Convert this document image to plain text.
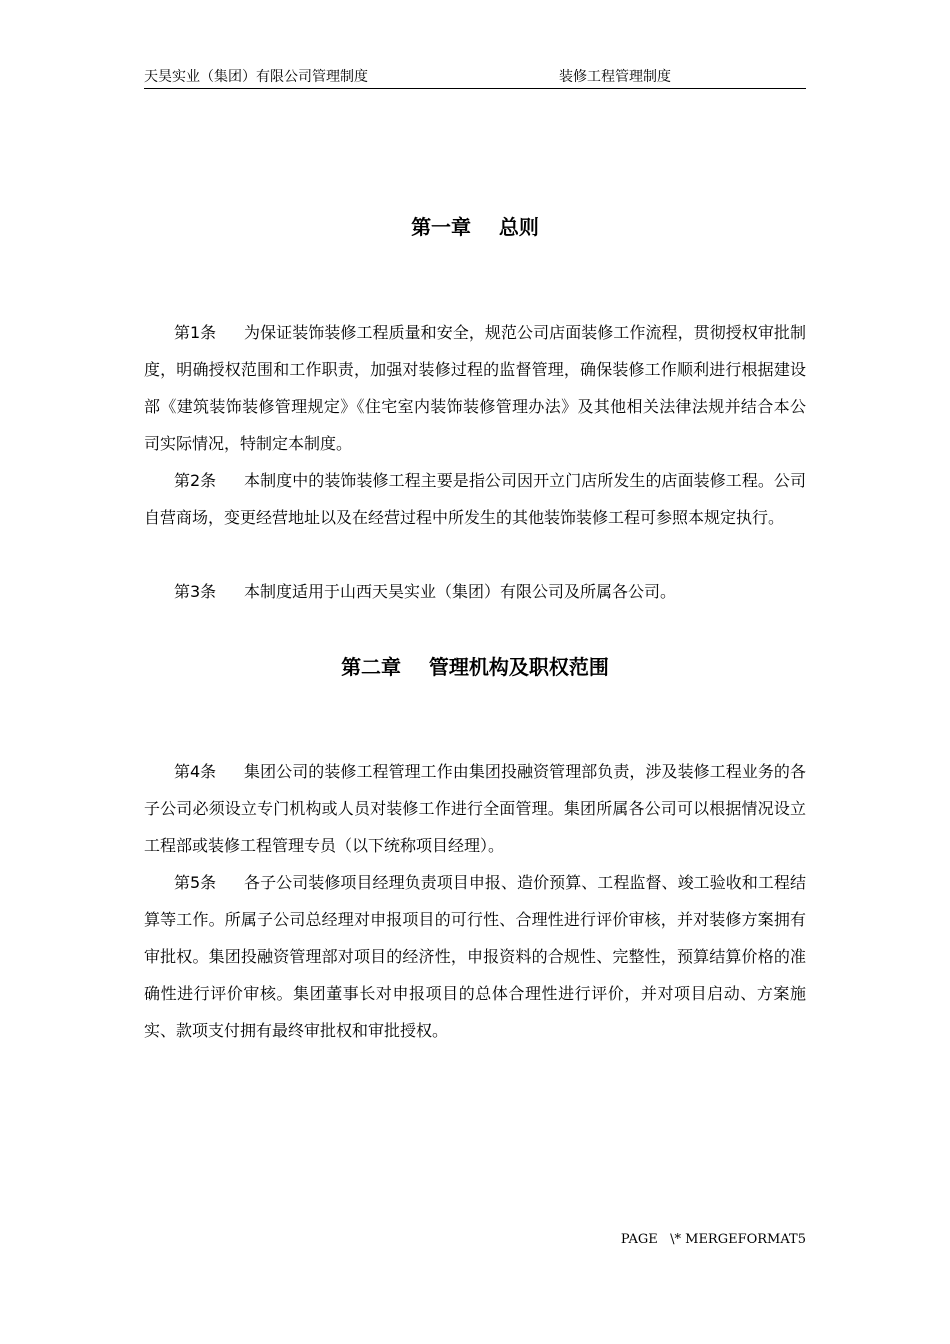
天昊实业（集团）有限公司管理制度	装修工程管理制度
第一章    总则

第1条 为保证装饰装修工程质量和安全，规范公司店面装修工作流程，贯彻授权审批制度，明确授权范围和工作职责，加强对装修过程的监督管理，确保装修工作顺利进行根据建设部《建筑装饰装修管理规定》《住宅室内装饰装修管理办法》及其他相关法律法规并结合本公司实际情况，特制定本制度。

第2条 本制度中的装饰装修工程主要是指公司因开立门店所发生的店面装修工程。公司自营商场，变更经营地址以及在经营过程中所发生的其他装饰装修工程可参照本规定执行。

第3条 本制度适用于山西天昊实业（集团）有限公司及所属各公司。

第二章    管理机构及职权范围

第4条 集团公司的装修工程管理工作由集团投融资管理部负责，涉及装修工程业务的各子公司必须设立专门机构或人员对装修工作进行全面管理。集团所属各公司可以根据情况设立工程部或装修工程管理专员（以下统称项目经理）。

第5条 各子公司装修项目经理负责项目申报、造价预算、工程监督、竣工验收和工程结算等工作。所属子公司总经理对申报项目的可行性、合理性进行评价审核，并对装修方案拥有审批权。集团投融资管理部对项目的经济性，申报资料的合规性、完整性，预算结算价格的准确性进行评价审核。集团董事长对申报项目的总体合理性进行评价，并对项目启动、方案施实、款项支付拥有最终审批权和审批授权。

PAGE   \* MERGEFORMAT5
